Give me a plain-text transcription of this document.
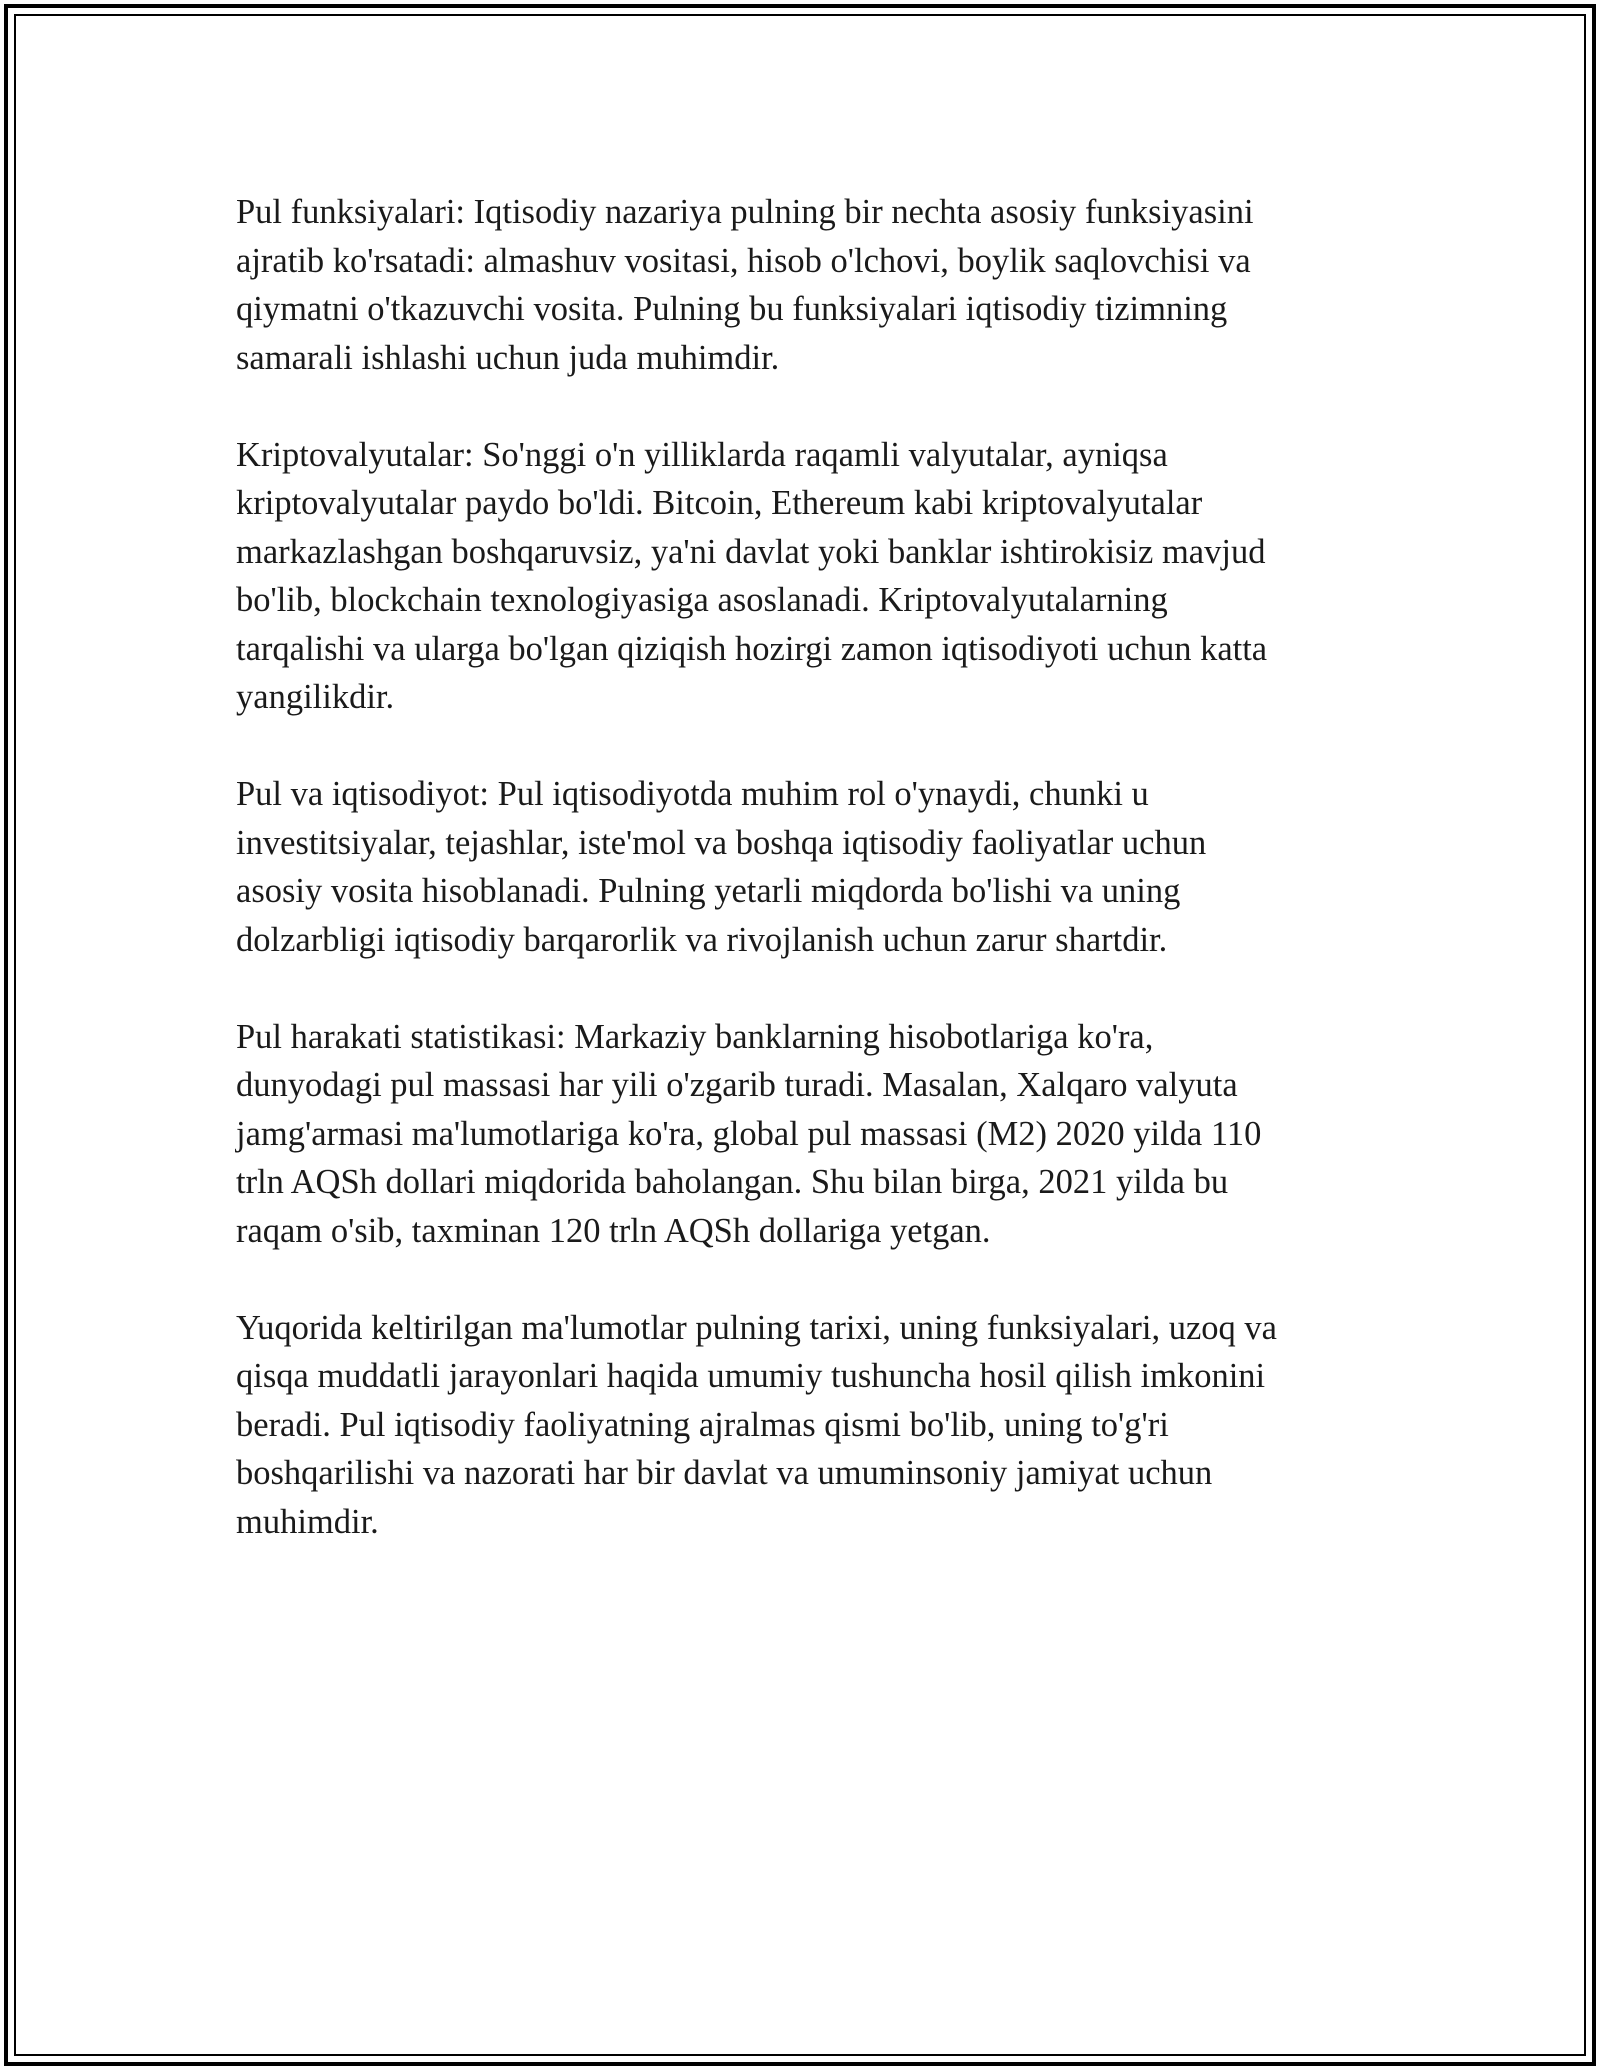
Pul funksiyalari: Iqtisodiy nazariya pulning bir nechta asosiy funksiyasini
ajratib ko'rsatadi: almashuv vositasi, hisob o'lchovi, boylik saqlovchisi va
qiymatni o'tkazuvchi vosita. Pulning bu funksiyalari iqtisodiy tizimning
samarali ishlashi uchun juda muhimdir.

Kriptovalyutalar: So'nggi o'n yilliklarda raqamli valyutalar, ayniqsa
kriptovalyutalar paydo bo'ldi. Bitcoin, Ethereum kabi kriptovalyutalar
markazlashgan boshqaruvsiz, ya'ni davlat yoki banklar ishtirokisiz mavjud
bo'lib, blockchain texnologiyasiga asoslanadi. Kriptovalyutalarning
tarqalishi va ularga bo'lgan qiziqish hozirgi zamon iqtisodiyoti uchun katta
yangilikdir.

Pul va iqtisodiyot: Pul iqtisodiyotda muhim rol o'ynaydi, chunki u
investitsiyalar, tejashlar, iste'mol va boshqa iqtisodiy faoliyatlar uchun
asosiy vosita hisoblanadi. Pulning yetarli miqdorda bo'lishi va uning
dolzarbligi iqtisodiy barqarorlik va rivojlanish uchun zarur shartdir.

Pul harakati statistikasi: Markaziy banklarning hisobotlariga ko'ra,
dunyodagi pul massasi har yili o'zgarib turadi. Masalan, Xalqaro valyuta
jamg'armasi ma'lumotlariga ko'ra, global pul massasi (M2) 2020 yilda 110
trln AQSh dollari miqdorida baholangan. Shu bilan birga, 2021 yilda bu
raqam o'sib, taxminan 120 trln AQSh dollariga yetgan.

Yuqorida keltirilgan ma'lumotlar pulning tarixi, uning funksiyalari, uzoq va
qisqa muddatli jarayonlari haqida umumiy tushuncha hosil qilish imkonini
beradi. Pul iqtisodiy faoliyatning ajralmas qismi bo'lib, uning to'g'ri
boshqarilishi va nazorati har bir davlat va umuminsoniy jamiyat uchun
muhimdir.
